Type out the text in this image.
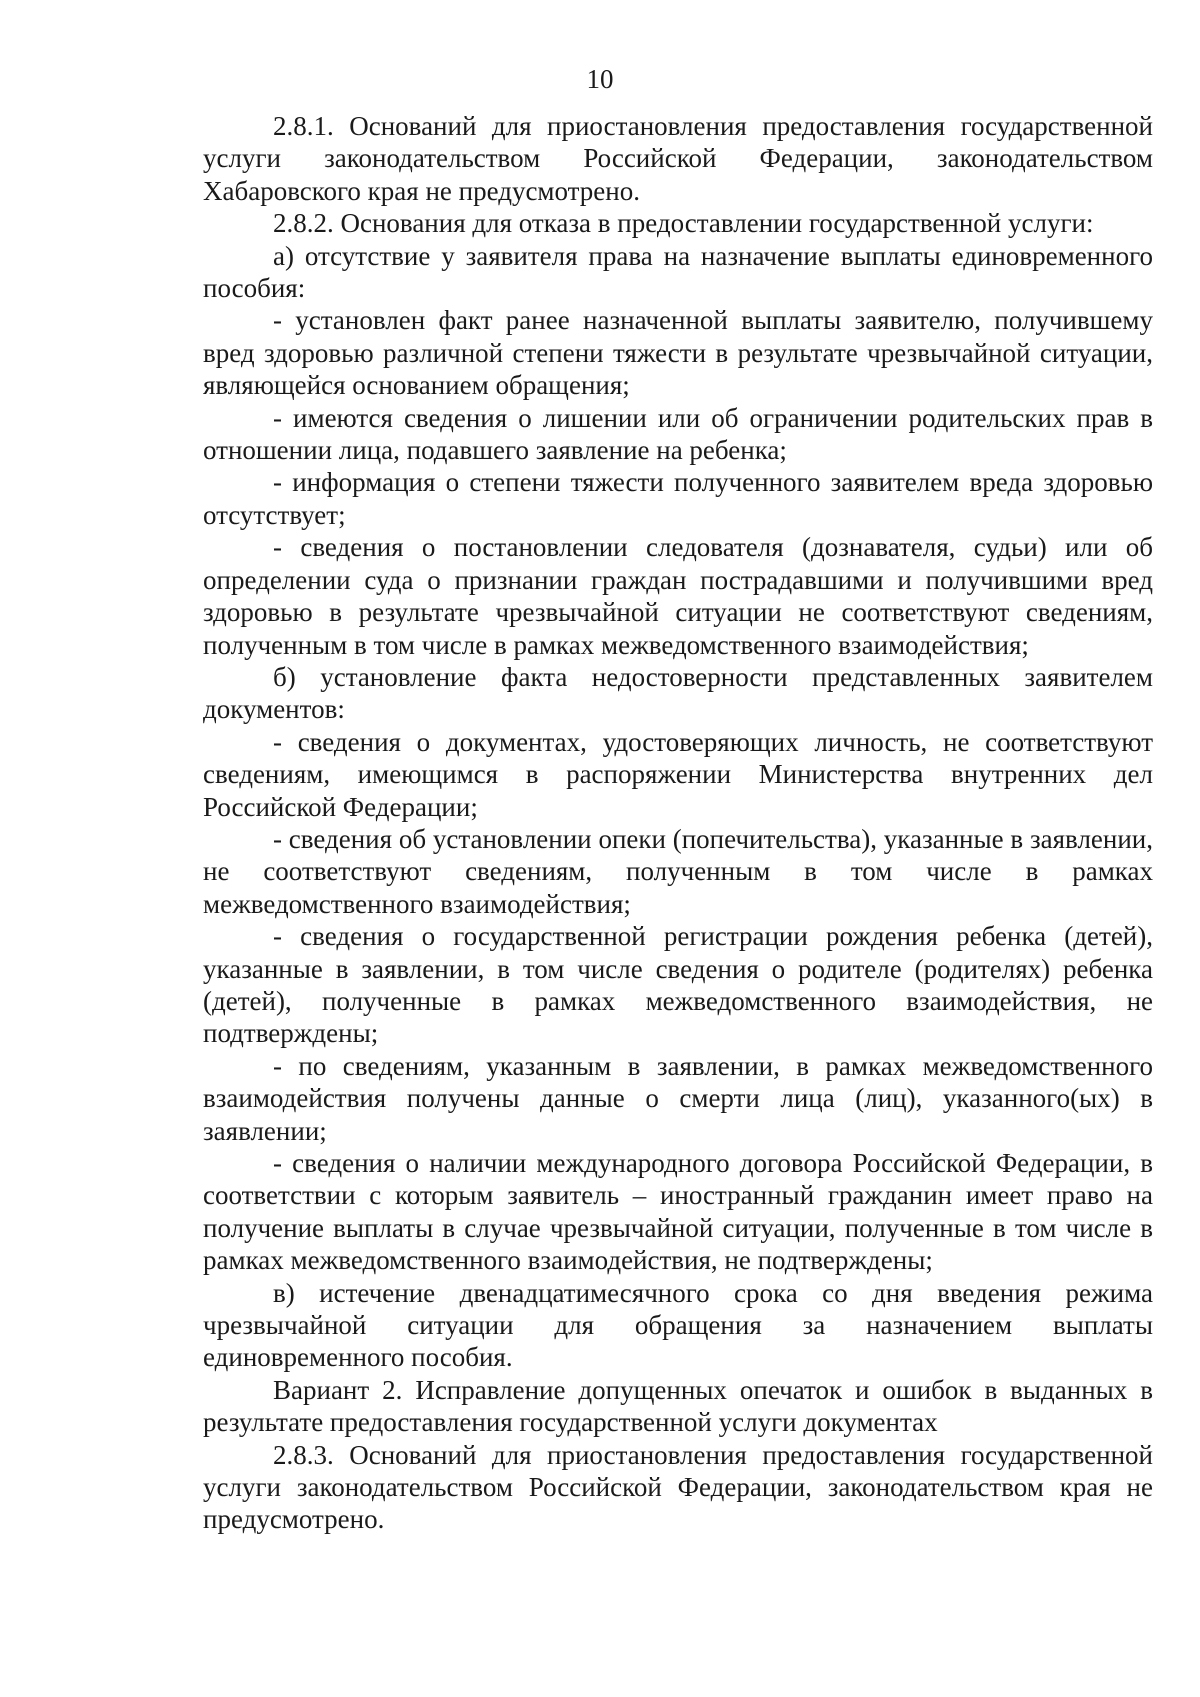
10

2.8.1. Оснований для приостановления предоставления государственной услуги законодательством Российской Федерации, законодательством Хабаровского края не предусмотрено.

2.8.2. Основания для отказа в предоставлении государственной услуги:

а) отсутствие у заявителя права на назначение выплаты единовременного пособия:

- установлен факт ранее назначенной выплаты заявителю, получившему вред здоровью различной степени тяжести в результате чрезвычайной ситуации, являющейся основанием обращения;

- имеются сведения о лишении или об ограничении родительских прав в отношении лица, подавшего заявление на ребенка;

- информация о степени тяжести полученного заявителем вреда здоровью отсутствует;

- сведения о постановлении следователя (дознавателя, судьи) или об определении суда о признании граждан пострадавшими и получившими вред здоровью в результате чрезвычайной ситуации не соответствуют сведениям, полученным в том числе в рамках межведомственного взаимодействия;

б) установление факта недостоверности представленных заявителем документов:

- сведения о документах, удостоверяющих личность, не соответствуют сведениям, имеющимся в распоряжении Министерства внутренних дел Российской Федерации;

- сведения об установлении опеки (попечительства), указанные в заявлении, не соответствуют сведениям, полученным в том числе в рамках межведомственного взаимодействия;

- сведения о государственной регистрации рождения ребенка (детей), указанные в заявлении, в том числе сведения о родителе (родителях) ребенка (детей), полученные в рамках межведомственного взаимодействия, не подтверждены;

- по сведениям, указанным в заявлении, в рамках межведомственного взаимодействия получены данные о смерти лица (лиц), указанного(ых) в заявлении;

- сведения о наличии международного договора Российской Федерации, в соответствии с которым заявитель – иностранный гражданин имеет право на получение выплаты в случае чрезвычайной ситуации, полученные в том числе в рамках межведомственного взаимодействия, не подтверждены;

в) истечение двенадцатимесячного срока со дня введения режима чрезвычайной ситуации для обращения за назначением выплаты единовременного пособия.

Вариант 2. Исправление допущенных опечаток и ошибок в выданных в результате предоставления государственной услуги документах

2.8.3. Оснований для приостановления предоставления государственной услуги законодательством Российской Федерации, законодательством края не предусмотрено.
